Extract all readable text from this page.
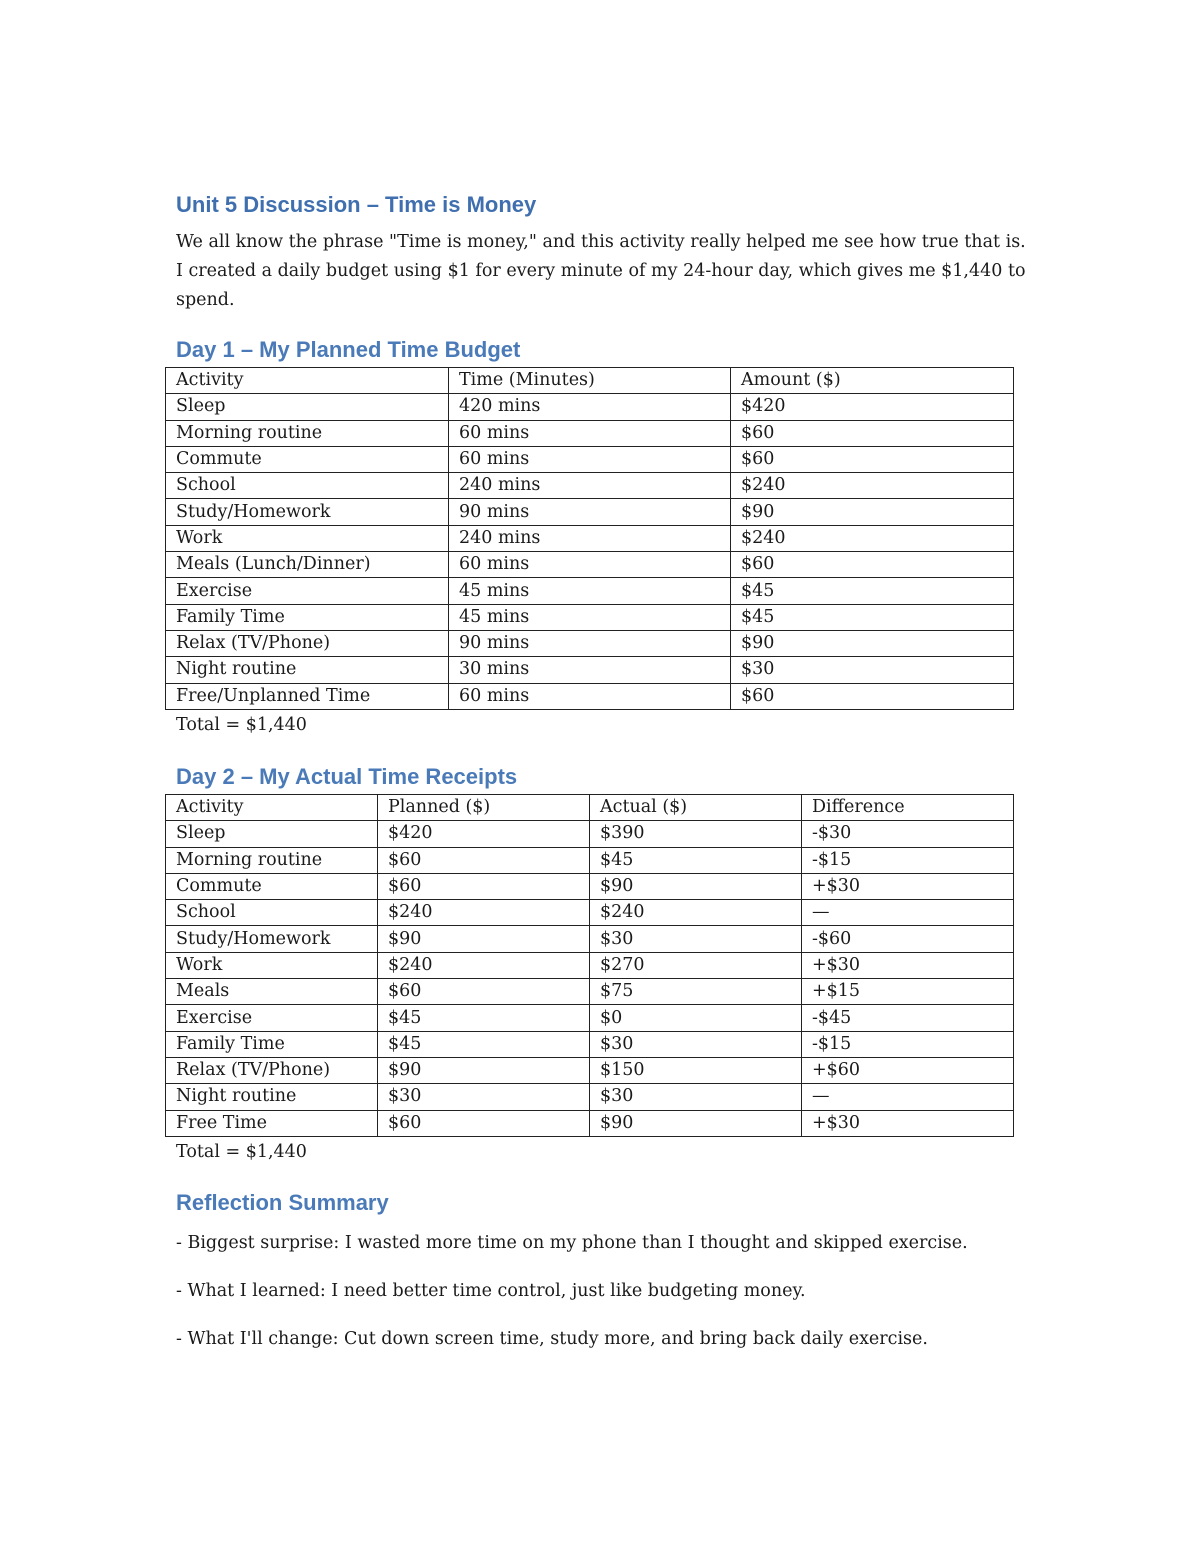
Unit 5 Discussion – Time is Money
We all know the phrase "Time is money," and this activity really helped me see how true that is. I created a daily budget using $1 for every minute of my 24-hour day, which gives me $1,440 to spend.
Day 1 – My Planned Time Budget
Activity	Time (Minutes)	Amount ($)
Sleep	420 mins	$420
Morning routine	60 mins	$60
Commute	60 mins	$60
School	240 mins	$240
Study/Homework	90 mins	$90
Work	240 mins	$240
Meals (Lunch/Dinner)	60 mins	$60
Exercise	45 mins	$45
Family Time	45 mins	$45
Relax (TV/Phone)	90 mins	$90
Night routine	30 mins	$30
Free/Unplanned Time	60 mins	$60
Total = $1,440
Day 2 – My Actual Time Receipts
Activity	Planned ($)	Actual ($)	Difference
Sleep	$420	$390	-$30
Morning routine	$60	$45	-$15
Commute	$60	$90	+$30
School	$240	$240	—
Study/Homework	$90	$30	-$60
Work	$240	$270	+$30
Meals	$60	$75	+$15
Exercise	$45	$0	-$45
Family Time	$45	$30	-$15
Relax (TV/Phone)	$90	$150	+$60
Night routine	$30	$30	—
Free Time	$60	$90	+$30
Total = $1,440
Reflection Summary
- Biggest surprise: I wasted more time on my phone than I thought and skipped exercise.
- What I learned: I need better time control, just like budgeting money.
- What I'll change: Cut down screen time, study more, and bring back daily exercise.
